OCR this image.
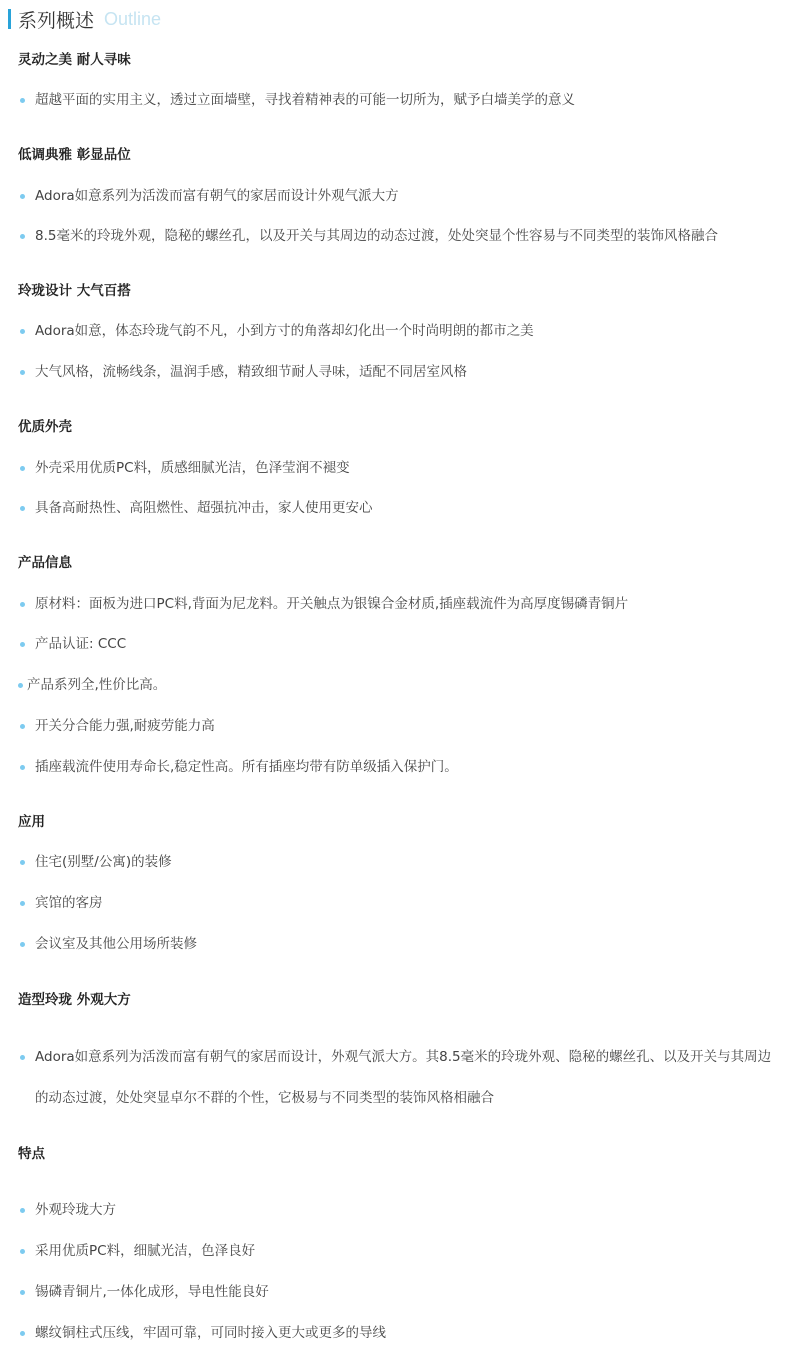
系列概述 Outline
灵动之美 耐人寻味
超越平面的实用主义，透过立面墙壁，寻找着精神表的可能一切所为，赋予白墙美学的意义
低调典雅 彰显品位
Adora如意系列为活泼而富有朝气的家居而设计外观气派大方
8.5毫米的玲珑外观，隐秘的螺丝孔，以及开关与其周边的动态过渡，处处突显个性容易与不同类型的装饰风格融合
玲珑设计 大气百搭
Adora如意，体态玲珑气韵不凡，小到方寸的角落却幻化出一个时尚明朗的都市之美
大气风格，流畅线条，温润手感，精致细节耐人寻味，适配不同居室风格
优质外壳
外壳采用优质PC料，质感细腻光洁，色泽莹润不褪变
具备高耐热性、高阻燃性、超强抗冲击，家人使用更安心
产品信息
原材料：面板为进口PC料,背面为尼龙料。开关触点为银镍合金材质,插座载流件为高厚度锡磷青铜片
产品认证: CCC
产品系列全,性价比高。
开关分合能力强,耐疲劳能力高
插座载流件使用寿命长,稳定性高。所有插座均带有防单级插入保护门。
应用
住宅(别墅/公寓)的装修
宾馆的客房
会议室及其他公用场所装修
造型玲珑 外观大方
Adora如意系列为活泼而富有朝气的家居而设计，外观气派大方。其8.5毫米的玲珑外观、隐秘的螺丝孔、以及开关与其周边
的动态过渡，处处突显卓尔不群的个性，它极易与不同类型的装饰风格相融合
特点
外观玲珑大方
采用优质PC料，细腻光洁，色泽良好
锡磷青铜片,一体化成形，导电性能良好
螺纹铜柱式压线，牢固可靠，可同时接入更大或更多的导线
